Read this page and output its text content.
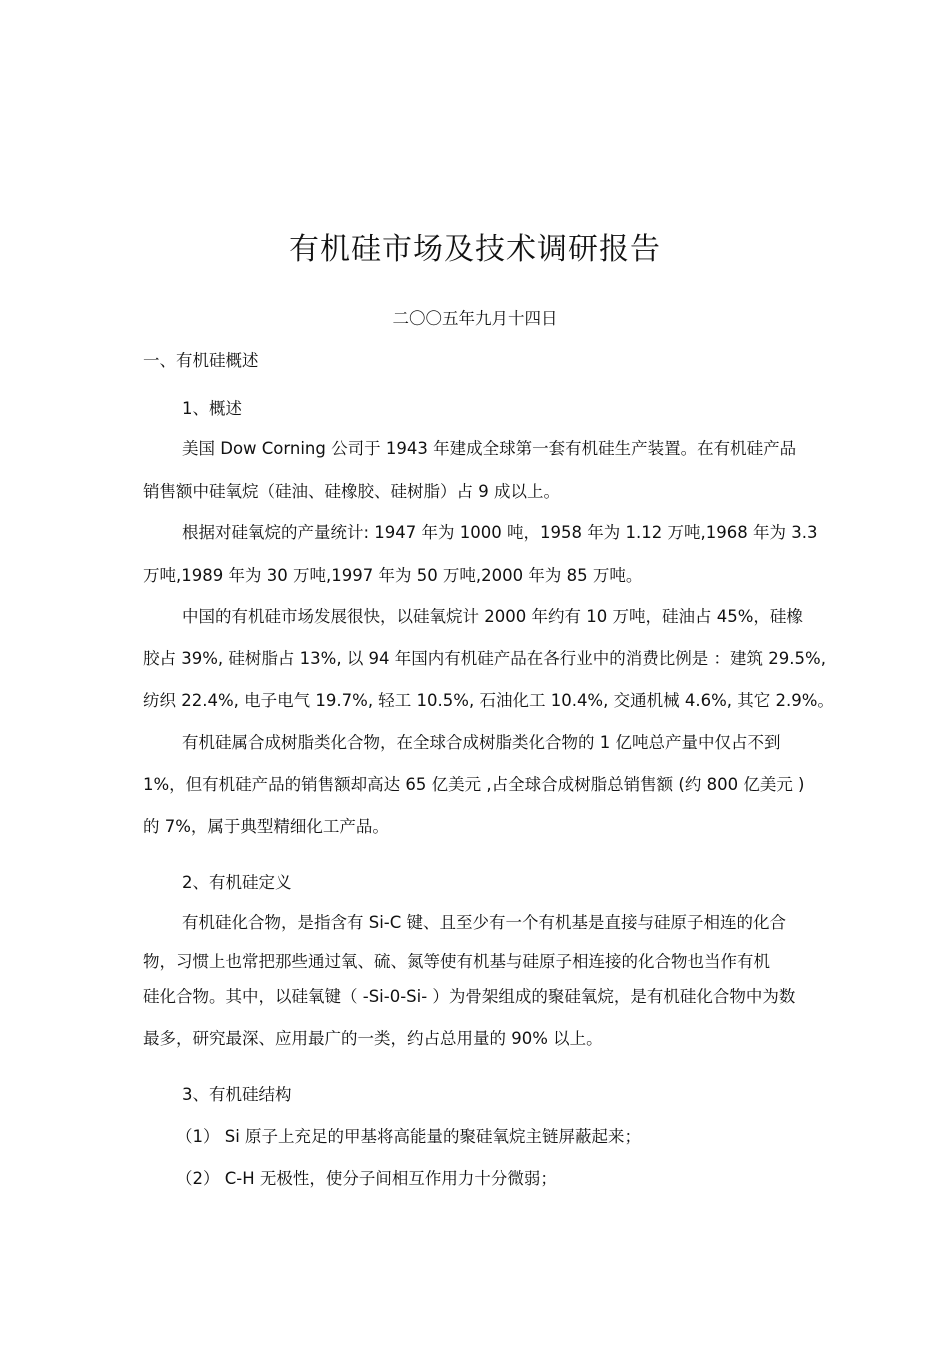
有机硅市场及技术调研报告
二〇〇五年九月十四日
一、有机硅概述
1、概述
美国 Dow Corning 公司于 1943 年建成全球第一套有机硅生产装置。在有机硅产品
销售额中硅氧烷（硅油、硅橡胶、硅树脂）占 9 成以上。
根据对硅氧烷的产量统计: 1947 年为 1000 吨，1958 年为 1.12 万吨,1968 年为 3.3
万吨,1989 年为 30 万吨,1997 年为 50 万吨,2000 年为 85 万吨。
中国的有机硅市场发展很快，以硅氧烷计 2000 年约有 10 万吨，硅油占 45%，硅橡
胶占 39%, 硅树脂占 13%, 以 94 年国内有机硅产品在各行业中的消费比例是 ：建筑 29.5%,
纺织 22.4%, 电子电气 19.7%, 轻工 10.5%, 石油化工 10.4%, 交通机械 4.6%, 其它 2.9%。
有机硅属合成树脂类化合物，在全球合成树脂类化合物的 1 亿吨总产量中仅占不到
1%，但有机硅产品的销售额却高达 65 亿美元 ,占全球合成树脂总销售额 (约 800 亿美元 )
的 7%，属于典型精细化工产品。
2、有机硅定义
有机硅化合物，是指含有 Si-C 键、且至少有一个有机基是直接与硅原子相连的化合
物，习惯上也常把那些通过氧、硫、氮等使有机基与硅原子相连接的化合物也当作有机
硅化合物。其中，以硅氧键（ -Si-0-Si- ）为骨架组成的聚硅氧烷，是有机硅化合物中为数
最多，研究最深、应用最广的一类，约占总用量的 90% 以上。
3、有机硅结构
（1） Si 原子上充足的甲基将高能量的聚硅氧烷主链屏蔽起来；
（2） C-H 无极性，使分子间相互作用力十分微弱；
